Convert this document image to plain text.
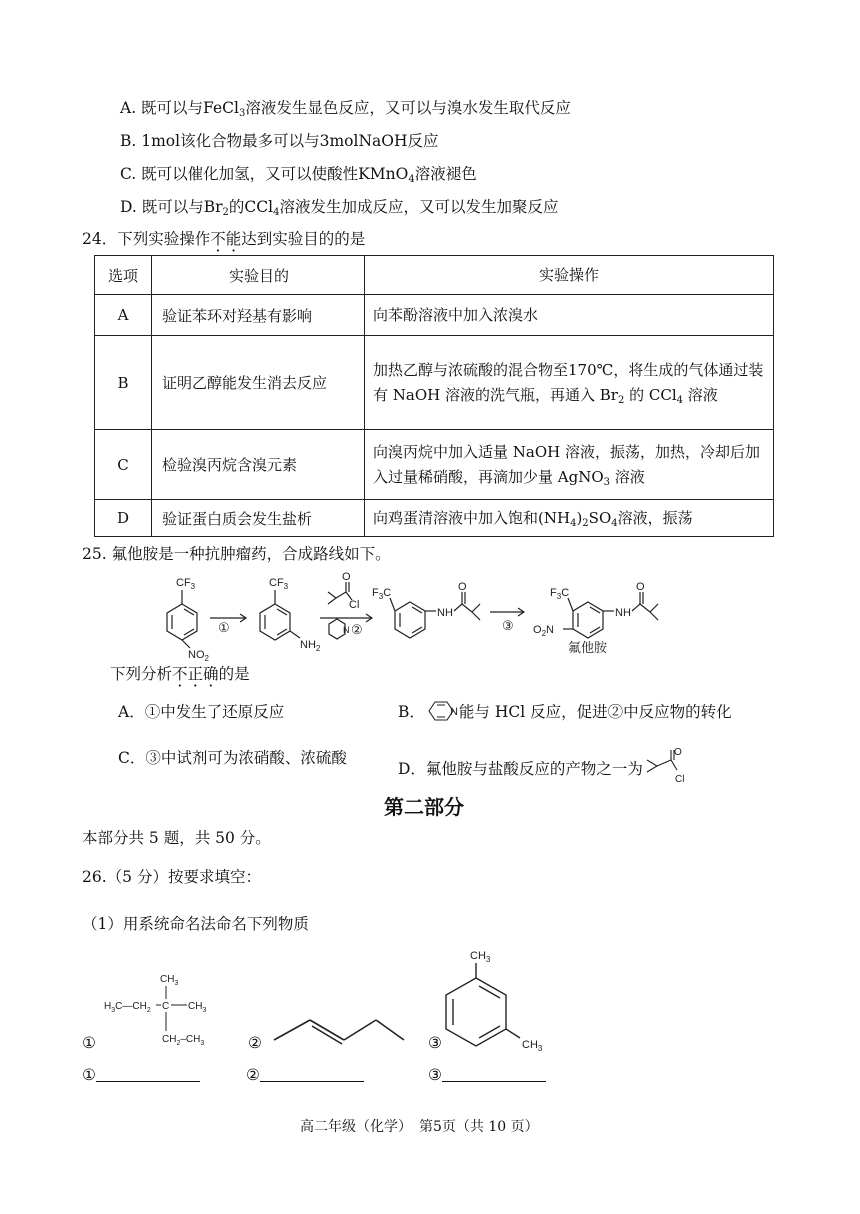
A. 既可以与FeCl$_3$溶液发生显色反应，又可以与溴水发生取代反应
B. 1mol该化合物最多可以与3molNaOH反应
C. 既可以催化加氢，又可以使酸性KMnO$_4$溶液褪色
D. 既可以与$Br_2$的CCl$_4$溶液发生加成反应，又可以发生加聚反应
24．下列实验操作不能达到实验目的的是
选项	实验目的	实验操作
A	验证苯环对羟基有影响	向苯酚溶液中加入浓溴水
B	证明乙醇能发生消去反应	加热乙醇与浓硫酸的混合物至170℃，将生成的气体通过装有 NaOH 溶液的洗气瓶，再通入 $Br_2$ 的 CCl$_4$ 溶液
C	检验溴丙烷含溴元素	向溴丙烷中加入适量 NaOH 溶液，振荡，加热，冷却后加入过量稀硝酸，再滴加少量 AgNO$_3$ 溶液
D	验证蛋白质会发生盐析	向鸡蛋清溶液中加入饱和$(NH_4)_2SO_4$溶液，振荡
25. 氟他胺是一种抗肿瘤药，合成路线如下。
$CF_3$
$NO_2$
①
$CF_3$
$NH_2$
O
Cl
N ②
$F_3C$
NH
O
③
$F_3C$
$O_2N$
NH
O
氟他胺
下列分析不正确的是
A．①中发生了还原反应	B． N 能与 HCl 反应，促进②中反应物的转化
C．③中试剂可为浓硝酸、浓硫酸
D．氟他胺与盐酸反应的产物之一为
O
Cl
第二部分
本部分共 5 题，共 50 分。
26.（5 分）按要求填空：
（1）用系统命名法命名下列物质
$CH_3$
$H_3C—CH_2$ C $CH_3$
$CH_2-CH_3$
$CH_3$
$CH_3$
①	②	③
①	②	③
高二年级（化学）　第5页（共 10 页）
